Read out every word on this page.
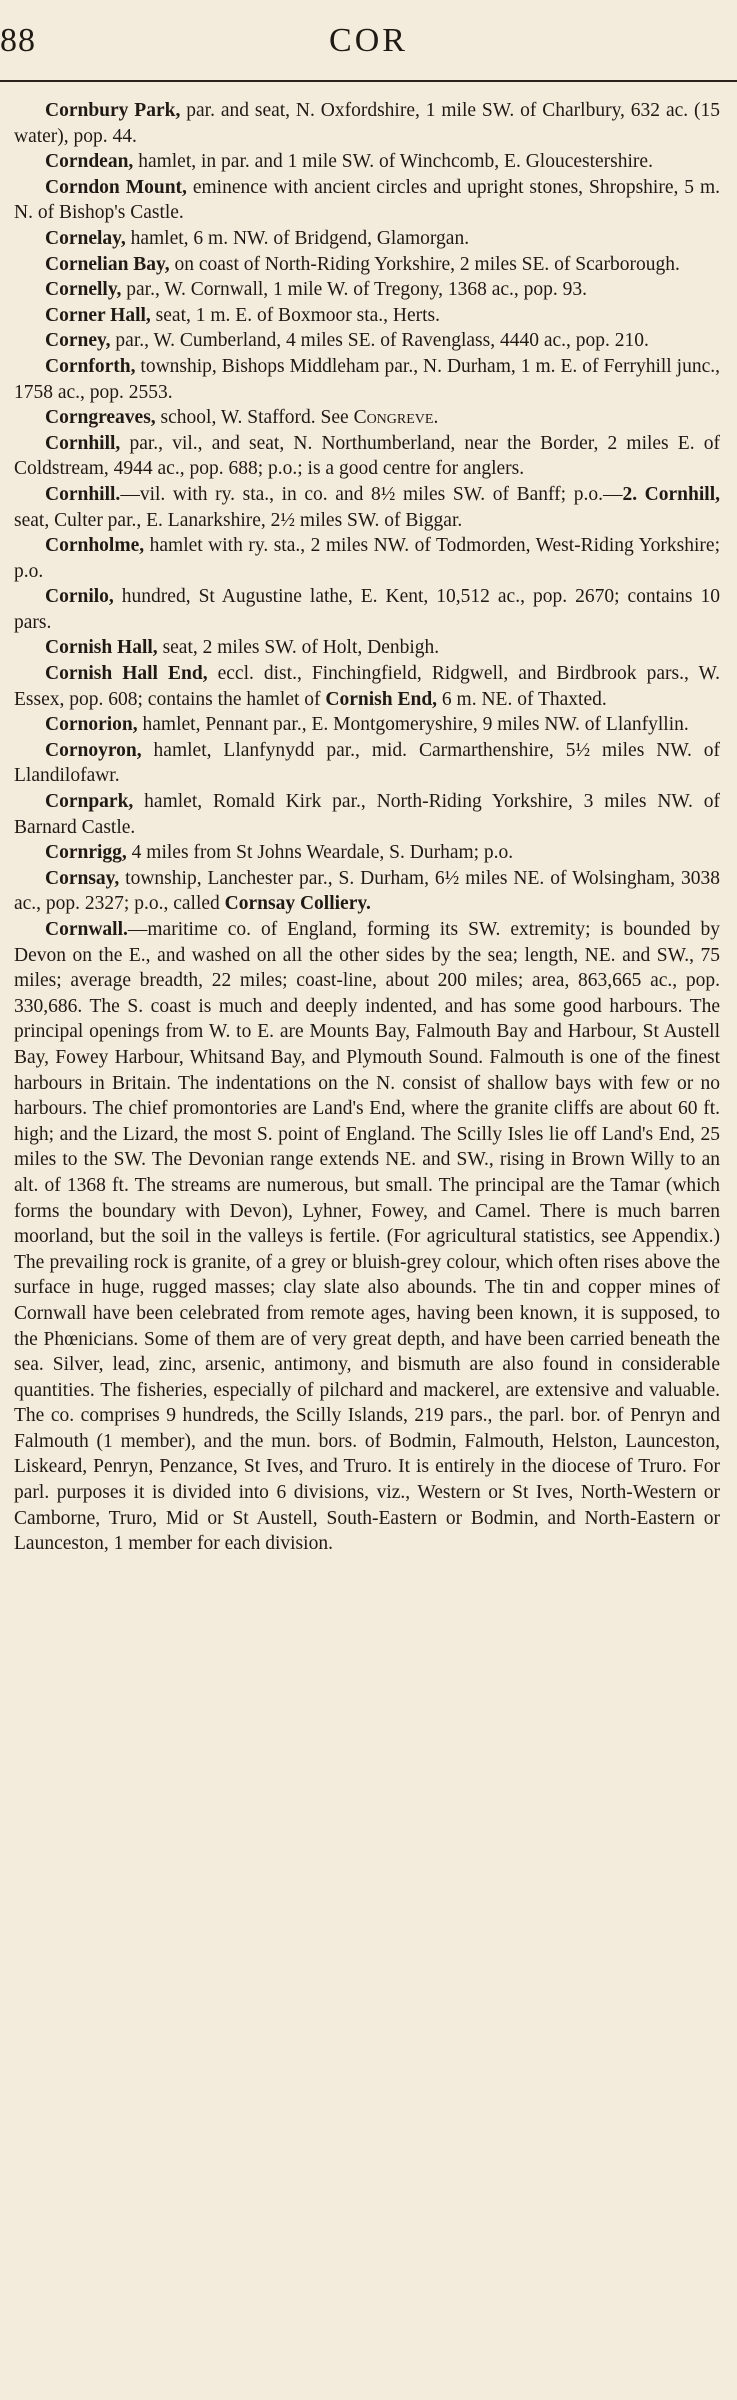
88	COR

Cornbury Park, par. and seat, N. Oxfordshire, 1 mile SW. of Charlbury, 632 ac. (15 water), pop. 44.

Corndean, hamlet, in par. and 1 mile SW. of Winchcomb, E. Gloucestershire.

Corndon Mount, eminence with ancient circles and upright stones, Shropshire, 5 m. N. of Bishop's Castle.

Cornelay, hamlet, 6 m. NW. of Bridgend, Glamorgan.

Cornelian Bay, on coast of North-Riding Yorkshire, 2 miles SE. of Scarborough.

Cornelly, par., W. Cornwall, 1 mile W. of Tregony, 1368 ac., pop. 93.

Corner Hall, seat, 1 m. E. of Boxmoor sta., Herts.

Corney, par., W. Cumberland, 4 miles SE. of Ravenglass, 4440 ac., pop. 210.

Cornforth, township, Bishops Middleham par., N. Durham, 1 m. E. of Ferryhill junc., 1758 ac., pop. 2553.

Corngreaves, school, W. Stafford. See Congreve.

Cornhill, par., vil., and seat, N. Northumberland, near the Border, 2 miles E. of Coldstream, 4944 ac., pop. 688; p.o.; is a good centre for anglers.

Cornhill.—vil. with ry. sta., in co. and 8½ miles SW. of Banff; p.o.—2. Cornhill, seat, Culter par., E. Lanarkshire, 2½ miles SW. of Biggar.

Cornholme, hamlet with ry. sta., 2 miles NW. of Todmorden, West-Riding Yorkshire; p.o.

Cornilo, hundred, St Augustine lathe, E. Kent, 10,512 ac., pop. 2670; contains 10 pars.

Cornish Hall, seat, 2 miles SW. of Holt, Denbigh.

Cornish Hall End, eccl. dist., Finchingfield, Ridgwell, and Birdbrook pars., W. Essex, pop. 608; contains the hamlet of Cornish End, 6 m. NE. of Thaxted.

Cornorion, hamlet, Pennant par., E. Montgomeryshire, 9 miles NW. of Llanfyllin.

Cornoyron, hamlet, Llanfynydd par., mid. Carmarthenshire, 5½ miles NW. of Llandilofawr.

Cornpark, hamlet, Romald Kirk par., North-Riding Yorkshire, 3 miles NW. of Barnard Castle.

Cornrigg, 4 miles from St Johns Weardale, S. Durham; p.o.

Cornsay, township, Lanchester par., S. Durham, 6½ miles NE. of Wolsingham, 3038 ac., pop. 2327; p.o., called Cornsay Colliery.

Cornwall.—maritime co. of England, forming its SW. extremity; is bounded by Devon on the E., and washed on all the other sides by the sea; length, NE. and SW., 75 miles; average breadth, 22 miles; coast-line, about 200 miles; area, 863,665 ac., pop. 330,686. The S. coast is much and deeply indented, and has some good harbours. The principal openings from W. to E. are Mounts Bay, Falmouth Bay and Harbour, St Austell Bay, Fowey Harbour, Whitsand Bay, and Plymouth Sound. Falmouth is one of the finest harbours in Britain. The indentations on the N. consist of shallow bays with few or no harbours. The chief promontories are Land's End, where the granite cliffs are about 60 ft. high; and the Lizard, the most S. point of England. The Scilly Isles lie off Land's End, 25 miles to the SW. The Devonian range extends NE. and SW., rising in Brown Willy to an alt. of 1368 ft. The streams are numerous, but small. The principal are the Tamar (which forms the boundary with Devon), Lyhner, Fowey, and Camel. There is much barren moorland, but the soil in the valleys is fertile. (For agricultural statistics, see Appendix.) The prevailing rock is granite, of a grey or bluish-grey colour, which often rises above the surface in huge, rugged masses; clay slate also abounds. The tin and copper mines of Cornwall have been celebrated from remote ages, having been known, it is supposed, to the Phœnicians. Some of them are of very great depth, and have been carried beneath the sea. Silver, lead, zinc, arsenic, antimony, and bismuth are also found in considerable quantities. The fisheries, especially of pilchard and mackerel, are extensive and valuable. The co. comprises 9 hundreds, the Scilly Islands, 219 pars., the parl. bor. of Penryn and Falmouth (1 member), and the mun. bors. of Bodmin, Falmouth, Helston, Launceston, Liskeard, Penryn, Penzance, St Ives, and Truro. It is entirely in the diocese of Truro. For parl. purposes it is divided into 6 divisions, viz., Western or St Ives, North-Western or Camborne, Truro, Mid or St Austell, South-Eastern or Bodmin, and North-Eastern or Launceston, 1 member for each division.
